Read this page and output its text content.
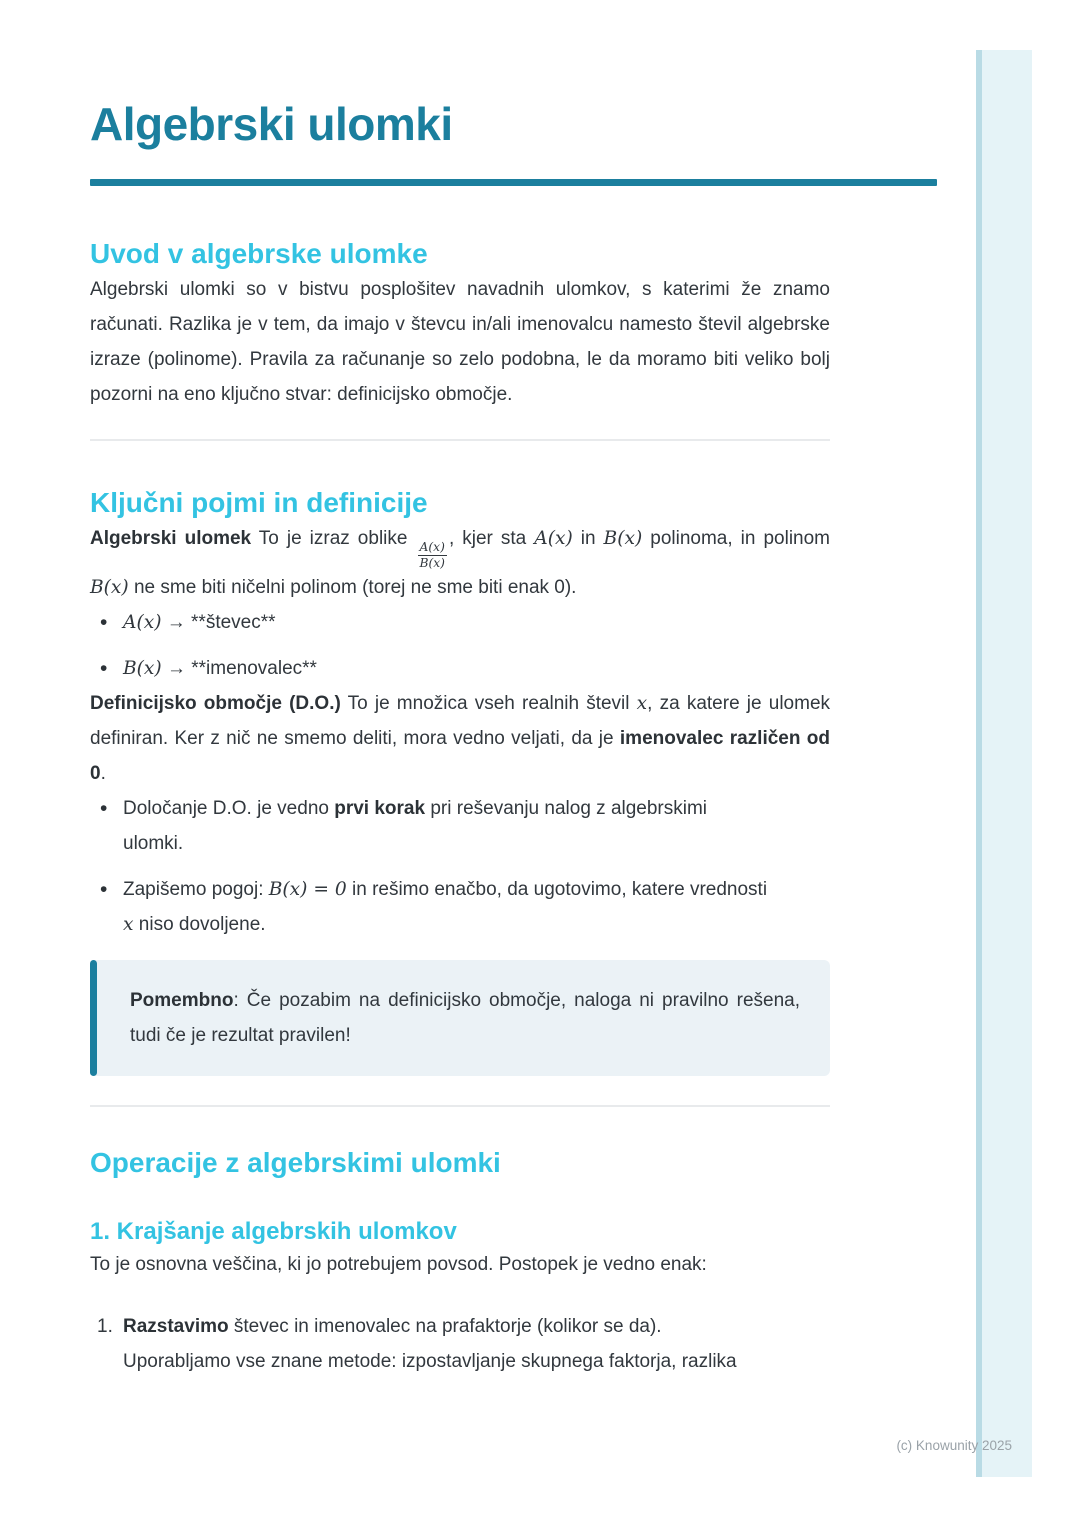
(c) Knowunity 2025
Algebrski ulomki
Uvod v algebrske ulomke

Algebrski ulomki so v bistvu posplošitev navadnih ulomkov, s katerimi že znamo računati. Razlika je v tem, da imajo v števcu in/ali imenovalcu namesto števil algebrske izraze (polinome). Pravila za računanje so zelo podobna, le da moramo biti veliko bolj pozorni na eno ključno stvar: definicijsko območje.

Ključni pojmi in definicije

Algebrski ulomek To je izraz oblike
$\frac{A(x)}{B(x)}$
, kjer sta A(x) in B(x) polinoma, in polinom B(x) ne sme biti ničelni polinom (torej ne sme biti enak 0).

• A(x) → **števec**
• B(x) → **imenovalec**

Definicijsko območje (D.O.) To je množica vseh realnih števil x, za katere je ulomek definiran. Ker z nič ne smemo deliti, mora vedno veljati, da je imenovalec različen od 0.

• Določanje D.O. je vedno prvi korak pri reševanju nalog z algebrskimi
ulomki.
• Zapišemo pogoj: B(x) = 0 in rešimo enačbo, da ugotovimo, katere vrednosti
x niso dovoljene.

Pomembno: Če pozabim na definicijsko območje, naloga ni pravilno rešena, tudi če je rezultat pravilen!

Operacije z algebrskimi ulomki
1. Krajšanje algebrskih ulomkov

To je osnovna veščina, ki jo potrebujem povsod. Postopek je vedno enak:

1. Razstavimo števec in imenovalec na prafaktorje (kolikor se da).
Uporabljamo vse znane metode: izpostavljanje skupnega faktorja, razlika
